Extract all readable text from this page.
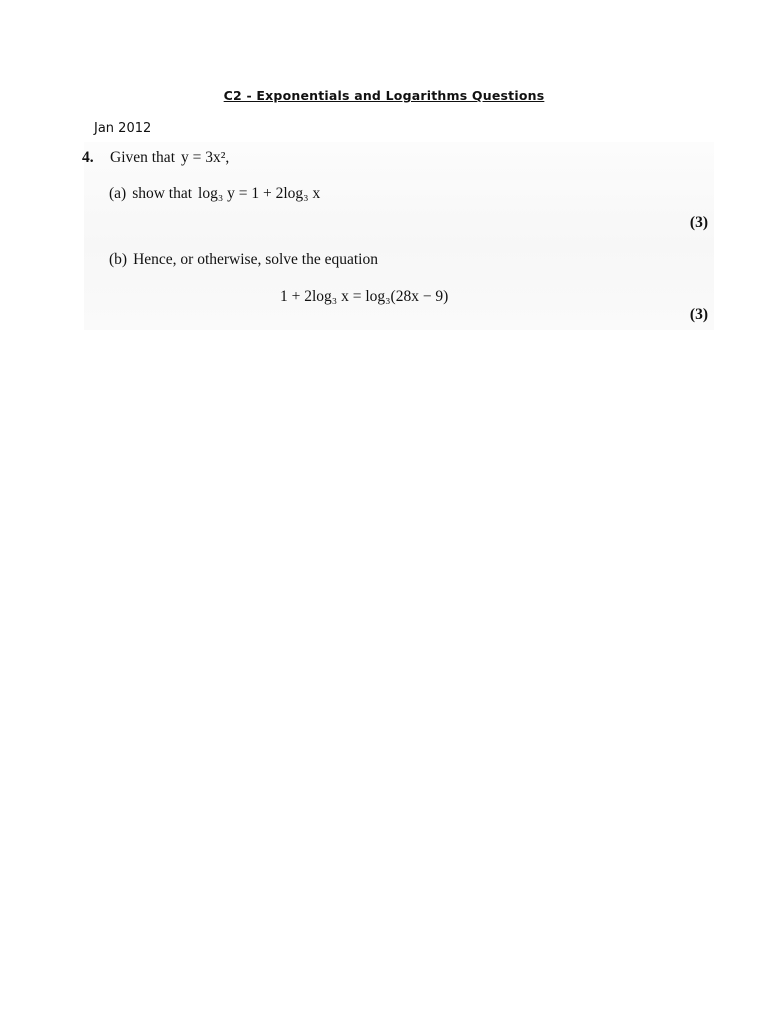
C2 - Exponentials and Logarithms Questions
Jan 2012
4. Given that y = 3x²,
(a) show that log₃ y = 1 + 2log₃ x
(3)
(b) Hence, or otherwise, solve the equation
1 + 2log₃ x = log₃(28x − 9)
(3)
